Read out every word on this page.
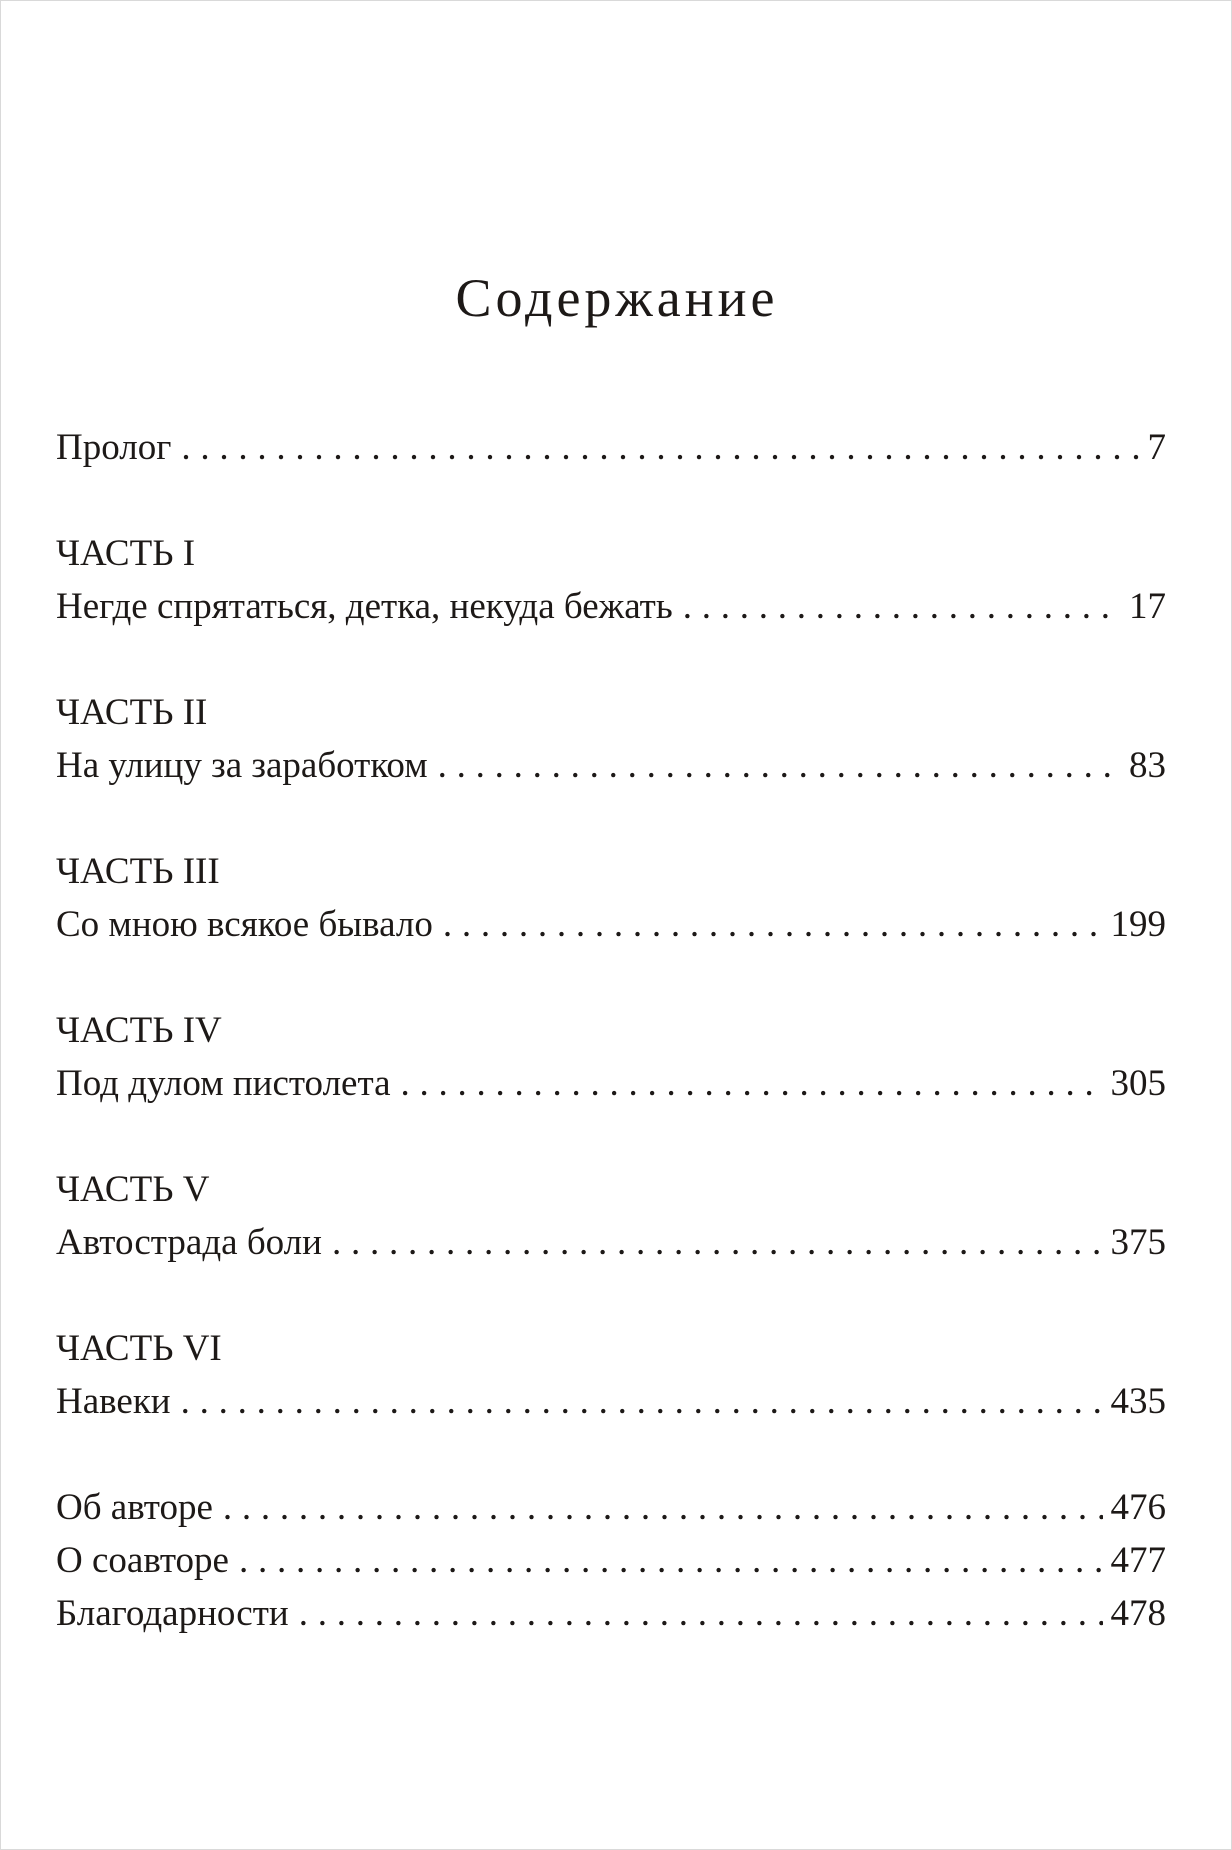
Содержание
Пролог . . .	7
ЧАСТЬ I
Негде спрятаться, детка, некуда бежать . . .	17
ЧАСТЬ II
На улицу за заработком . . .	83
ЧАСТЬ III
Со мною всякое бывало . . .	199
ЧАСТЬ IV
Под дулом пистолета . . .	305
ЧАСТЬ V
Автострада боли . . .	375
ЧАСТЬ VI
Навеки . . .	435
Об авторе . . .	476
О соавторе . . .	477
Благодарности . . .	478
